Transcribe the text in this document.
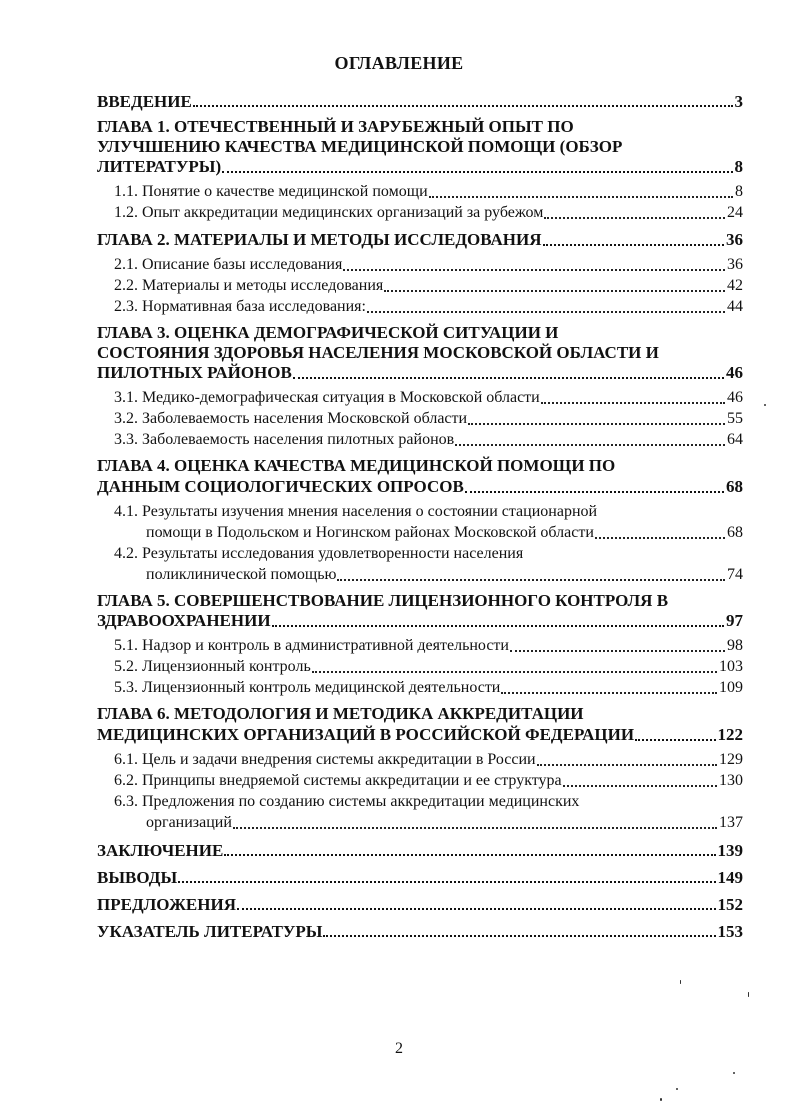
ОГЛАВЛЕНИЕ
ВВЕДЕНИЕ	3
ГЛАВА 1. ОТЕЧЕСТВЕННЫЙ И ЗАРУБЕЖНЫЙ ОПЫТ ПО
УЛУЧШЕНИЮ КАЧЕСТВА МЕДИЦИНСКОЙ ПОМОЩИ (ОБЗОР
ЛИТЕРАТУРЫ)	8
1.1. Понятие о качестве медицинской помощи	8
1.2. Опыт аккредитации медицинских организаций за рубежом	24
ГЛАВА 2. МАТЕРИАЛЫ И МЕТОДЫ ИССЛЕДОВАНИЯ	36
2.1. Описание базы исследования	36
2.2. Материалы и методы исследования	42
2.3. Нормативная база исследования:	44
ГЛАВА 3. ОЦЕНКА ДЕМОГРАФИЧЕСКОЙ СИТУАЦИИ И
СОСТОЯНИЯ ЗДОРОВЬЯ НАСЕЛЕНИЯ МОСКОВСКОЙ ОБЛАСТИ И
ПИЛОТНЫХ РАЙОНОВ	46
3.1. Медико-демографическая ситуация в Московской области	46
3.2. Заболеваемость населения Московской области	55
3.3. Заболеваемость населения пилотных районов	64
ГЛАВА 4. ОЦЕНКА КАЧЕСТВА МЕДИЦИНСКОЙ ПОМОЩИ ПО
ДАННЫМ СОЦИОЛОГИЧЕСКИХ ОПРОСОВ	68
4.1. Результаты изучения мнения населения о состоянии стационарной
помощи в Подольском и Ногинском районах Московской области	68
4.2. Результаты исследования удовлетворенности населения
поликлинической помощью	74
ГЛАВА 5. СОВЕРШЕНСТВОВАНИЕ ЛИЦЕНЗИОННОГО КОНТРОЛЯ В
ЗДРАВООХРАНЕНИИ	97
5.1. Надзор и контроль в административной деятельности	98
5.2. Лицензионный контроль	103
5.3. Лицензионный контроль медицинской деятельности	109
ГЛАВА 6. МЕТОДОЛОГИЯ И МЕТОДИКА АККРЕДИТАЦИИ
МЕДИЦИНСКИХ ОРГАНИЗАЦИЙ В РОССИЙСКОЙ ФЕДЕРАЦИИ	122
6.1. Цель и задачи внедрения системы аккредитации в России	129
6.2. Принципы внедряемой системы аккредитации и ее структура	130
6.3. Предложения по созданию системы аккредитации медицинских
организаций	137
ЗАКЛЮЧЕНИЕ	139
ВЫВОДЫ	149
ПРЕДЛОЖЕНИЯ	152
УКАЗАТЕЛЬ ЛИТЕРАТУРЫ	153
2
